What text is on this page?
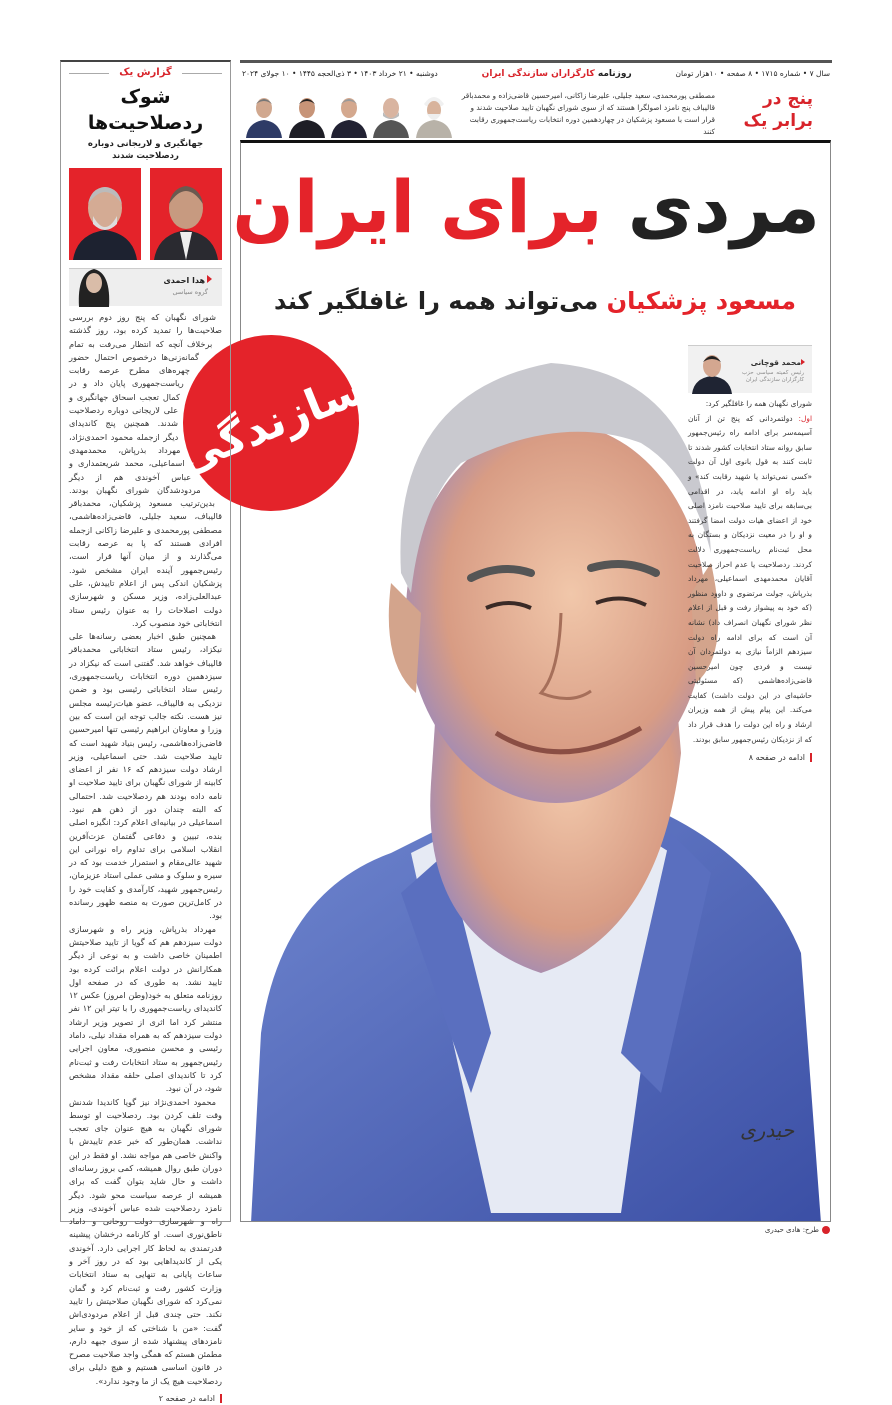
سازندگی
گزارش یک
شوک ردصلاحیت‌ها
جهانگیری و لاریجانی دوباره ردصلاحیت شدند
هدا احمدی
گروه سیاسی

شورای نگهبان که پنج روز دوم بررسی صلاحیت‌ها را تمدید کرده بود، روز گذشته برخلاف آنچه که انتظار می‌رفت به تمام گمانه‌زنی‌ها درخصوص احتمال حضور چهره‌های مطرح عرصه رقابت ریاست‌جمهوری پایان داد و در کمال تعجب اسحاق جهانگیری و علی لاریجانی دوباره ردصلاحیت شدند. همچنین پنج کاندیدای دیگر ازجمله محمود احمدی‌نژاد، مهرداد بذرپاش، محمدمهدی اسماعیلی، محمد شریعتمداری و عباس آخوندی هم از دیگر مردودشدگان شورای نگهبان بودند. بدین‌ترتیب مسعود پزشکیان، محمدباقر قالیباف، سعید جلیلی، قاضی‌زاده‌هاشمی، مصطفی پورمحمدی و علیرضا زاکانی ازجمله افرادی هستند که پا به عرصه رقابت می‌گذارند و از میان آنها قرار است، رئیس‌جمهور آینده ایران مشخص شود. پزشکیان اندکی پس از اعلام تاییدش، علی عبدالعلی‌زاده، وزیر مسکن و شهرسازی دولت اصلاحات را به عنوان رئیس ستاد انتخاباتی خود منصوب کرد.

همچنین طبق اخبار بعضی رسانه‌ها علی نیکزاد، رئیس ستاد انتخاباتی محمدباقر قالیباف خواهد شد. گفتنی است که نیکزاد در سیزدهمین دوره انتخابات ریاست‌جمهوری، رئیس ستاد انتخاباتی رئیسی بود و ضمن نزدیکی به قالیباف، عضو هیات‌رئیسه مجلس نیز هست. نکته جالب توجه این است که بین وزرا و معاونان ابراهیم رئیسی تنها امیرحسین قاضی‌زاده‌هاشمی، رئیس بنیاد شهید است که تایید صلاحیت شد. حتی اسماعیلی، وزیر ارشاد دولت سیزدهم که ۱۶ نفر از اعضای کابینه از شورای نگهبان برای تایید صلاحیت او نامه داده بودند هم ردصلاحیت شد. احتمالی که البته چندان دور از ذهن هم نبود. اسماعیلی در بیانیه‌ای اعلام کرد: انگیزه اصلی بنده، تبیین و دفاعی گفتمان عزت‌آفرین انقلاب اسلامی برای تداوم راه نورانی این شهید عالی‌مقام و استمرار خدمت بود که در سیره و سلوک و مشی عملی استاد عزیزمان، رئیس‌جمهور شهید، کارآمدی و کفایت خود را در کامل‌ترین صورت به منصه ظهور رسانده بود.

مهرداد بذرپاش، وزیر راه و شهرسازی دولت سیزدهم هم که گویا از تایید صلاحیتش اطمینان خاصی داشت و به نوعی از دیگر همکارانش در دولت اعلام برائت کرده بود تایید نشد. به طوری که در صفحه اول روزنامه متعلق به خود(وطن امروز) عکس ۱۲ کاندیدای ریاست‌جمهوری را با تیتر این ۱۲ نفر منتشر کرد اما اثری از تصویر وزیر ارشاد دولت سیزدهم که به همراه مقداد نیلی، داماد رئیسی و محسن منصوری، معاون اجرایی رئیس‌جمهور به ستاد انتخابات رفت و ثبت‌نام کرد تا کاندیدای اصلی حلقه مقداد مشخص شود، در آن نبود.

محمود احمدی‌نژاد نیز گویا کاندیدا شدنش وقت تلف کردن بود. ردصلاحیت او توسط شورای نگهبان به هیچ عنوان جای تعجب نداشت. همان‌طور که خبر عدم تاییدش با واکنش خاصی هم مواجه نشد. او فقط در این دوران طبق روال همیشه، کمی بروز رسانه‌ای داشت و حال شاید بتوان گفت که برای همیشه از عرصه سیاست محو شود. دیگر نامزد ردصلاحیت شده عباس آخوندی، وزیر راه و شهرسازی دولت روحانی و داماد ناطق‌نوری است. او کارنامه درخشان پیشینه قدرتمندی به لحاظ کار اجرایی دارد. آخوندی یکی از کاندیداهایی بود که در روز آخر و ساعات پایانی به تنهایی به ستاد انتخابات وزارت کشور رفت و ثبت‌نام کرد و گمان نمی‌کرد که شورای نگهبان صلاحیتش را تایید نکند. حتی چندی قبل از اعلام مردودی‌اش گفت: «من با شناختی که از خود و سایر نامزدهای پیشنهاد شده از سوی جبهه دارم، مطمئن هستم که همگی واجد صلاحیت مصرح در قانون اساسی هستیم و هیچ دلیلی برای ردصلاحیت هیچ یک از ما وجود ندارد».

ادامه در صفحه ۲
سال ۷ • شماره ۱۷۱۵ • ۸ صفحه • ۱۰هزار تومان
روزنامه کارگزاران سازندگی ایران
دوشنبه • ۲۱ خرداد ۱۴۰۳ • ۳ ذی‌الحجه ۱۴۴۵ • ۱۰ جولای ۲۰۲۴
پنج در برابر یک
مصطفی پورمحمدی، سعید جلیلی، علیرضا زاکانی، امیرحسین قاضی‌زاده و محمدباقر قالیباف پنج نامزد اصولگرا هستند که از سوی شورای نگهبان تایید صلاحیت شدند و قرار است با مسعود پزشکیان در چهاردهمین دوره انتخابات ریاست‌جمهوری رقابت کنند
مردی برای ایران
مسعود پزشکیان می‌تواند همه را غافلگیر کند
محمد قوچانی
رئیس کمیته سیاسی حزب کارگزاران سازندگی ایران
شورای نگهبان همه را غافلگیر کرد:
اول: دولتمردانی که پنج تن از آنان آسیمه‌سر برای ادامه راه رئیس‌جمهور سابق روانه ستاد انتخابات کشور شدند تا ثابت کنند به قول بانوی اول آن دولت «کسی نمی‌تواند یا شهید رقابت کند» و باید راه او ادامه یابد، در اقدامی بی‌سابقه برای تایید صلاحیت نامزد اصلی خود از اعضای هیات دولت امضا گرفتند و او را در معیت نزدیکان و بستگان به محل ثبت‌نام ریاست‌جمهوری دلالت کردند. ردصلاحیت یا عدم احراز صلاحیت آقایان محمدمهدی اسماعیلی، مهرداد بذرپاش، جولت مرتضوی و داوود منظور (که خود به پیشواز رفت و قبل از اعلام نظر شورای نگهبان انصراف داد) نشانه آن است که برای ادامه راه دولت سیزدهم الزاماً نیازی به دولتمردان آن نیست و فردی چون امیرحسین قاضی‌زاده‌هاشمی (که مسئولیتی حاشیه‌ای در این دولت داشت) کفایت می‌کند. این پیام پیش از همه وزیران ارشاد و راه این دولت را هدف قرار داد که از نزدیکان رئیس‌جمهور سابق بودند.
ادامه در صفحه ۸
حیدری
طرح: هادی حیدری
